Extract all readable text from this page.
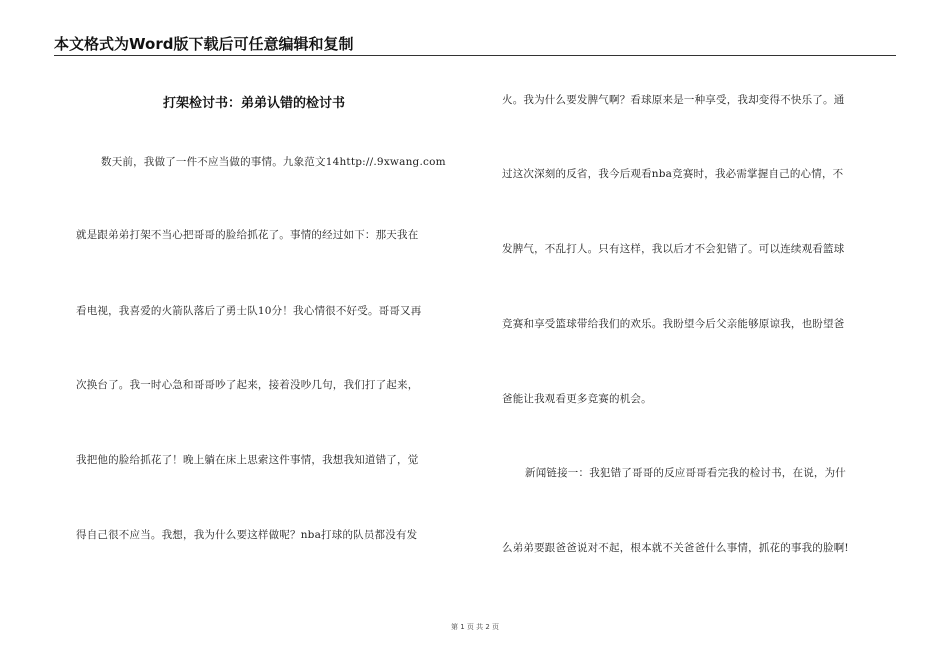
本文格式为Word版下载后可任意编辑和复制
打架检讨书：弟弟认错的检讨书
数天前，我做了一件不应当做的事情。九象范文14http://.9xwang.com
就是跟弟弟打架不当心把哥哥的脸给抓花了。事情的经过如下：那天我在
看电视，我喜爱的火箭队落后了勇士队10分！我心情很不好受。哥哥又再
次换台了。我一时心急和哥哥吵了起来，接着没吵几句，我们打了起来，
我把他的脸给抓花了！晚上躺在床上思索这件事情，我想我知道错了，觉
得自己很不应当。我想，我为什么要这样做呢？nba打球的队员都没有发
火。我为什么要发脾气啊？看球原来是一种享受，我却变得不快乐了。通
过这次深刻的反省，我今后观看nba竞赛时，我必需掌握自己的心情，不
发脾气，不乱打人。只有这样，我以后才不会犯错了。可以连续观看篮球
竞赛和享受篮球带给我们的欢乐。我盼望今后父亲能够原谅我，也盼望爸
爸能让我观看更多竞赛的机会。
新闻链接一：我犯错了哥哥的反应哥哥看完我的检讨书，在说，为什
么弟弟要跟爸爸说对不起，根本就不关爸爸什么事情，抓花的事我的脸啊!
第 1 页 共 2 页
